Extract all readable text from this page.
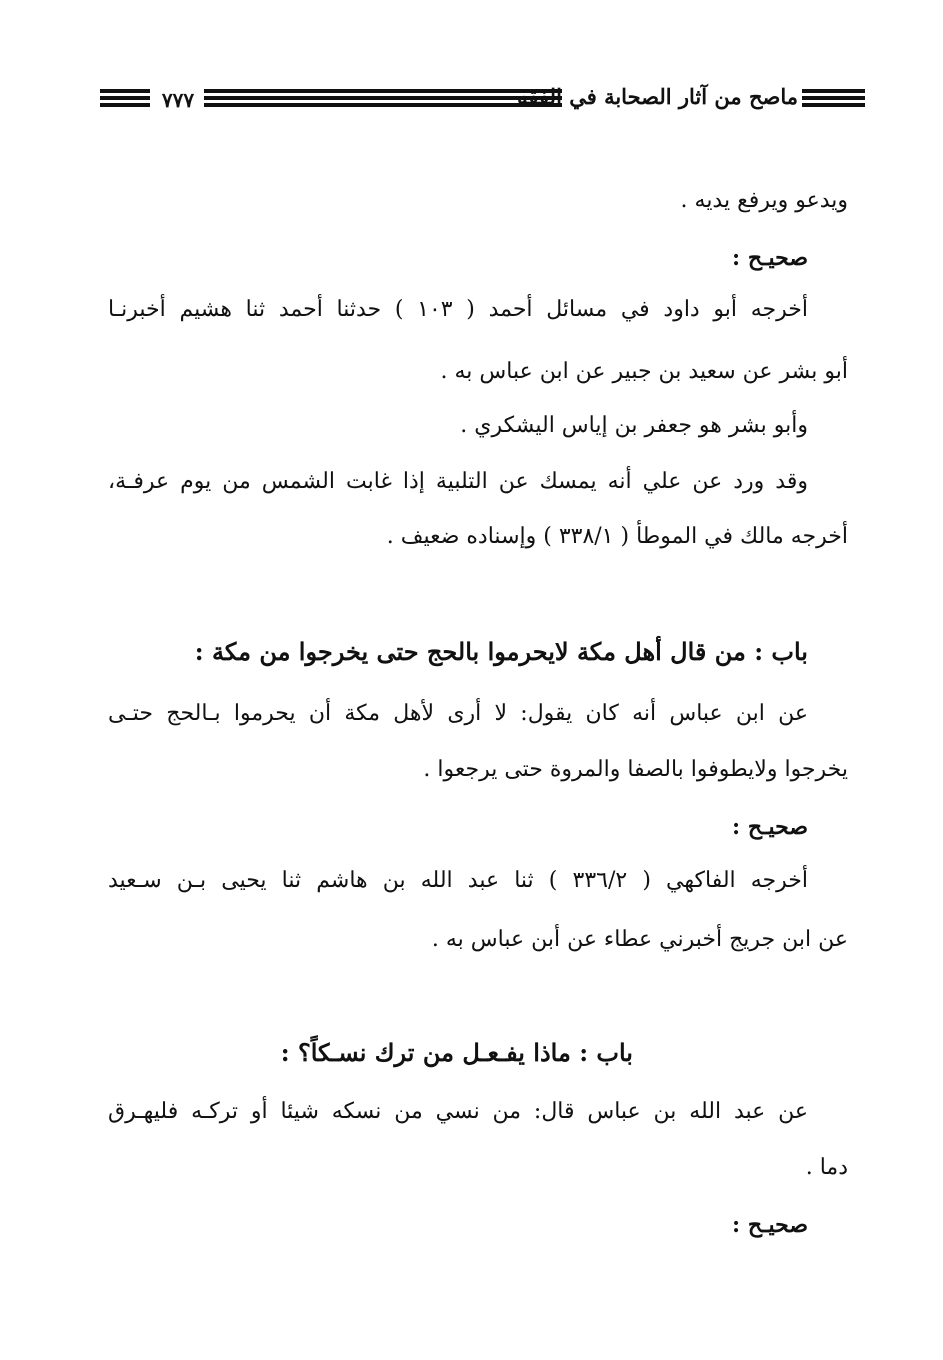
٧٧٧	ماصح من آثار الصحابة في الفقه
ويدعو ويرفع يديه .
صحيـح :
أخرجه أبو داود في مسائل أحمد ( ١٠٣ ) حدثنا أحمد ثنا هشيم أخبرنـا
أبو بشر عن سعيد بن جبير عن ابن عباس به .
وأبو بشر هو جعفر بن إياس اليشكري .
وقد ورد عن علي أنه يمسك عن التلبية إذا غابت الشمس من يوم عرفـة،
أخرجه مالك في الموطأ ( ٣٣٨/١ ) وإسناده ضعيف .
باب : من قال أهل مكة لايحرموا بالحج حتى يخرجوا من مكة :
عن ابن عباس أنه كان يقول: لا أرى لأهل مكة أن يحرموا بـالحج حتـى
يخرجوا ولايطوفوا بالصفا والمروة حتى يرجعوا .
صحيـح :
أخرجه الفاكهي ( ٣٣٦/٢ ) ثنا عبد الله بن هاشم ثنا يحيى بـن سـعيد
عن ابن جريج أخبرني عطاء عن أبن عباس به .
باب : ماذا يفـعـل من ترك نسـكاً؟ :
عن عبد الله بن عباس قال: من نسي من نسكه شيئا أو تركـه فليهـرق
دما .
صحيـح :
